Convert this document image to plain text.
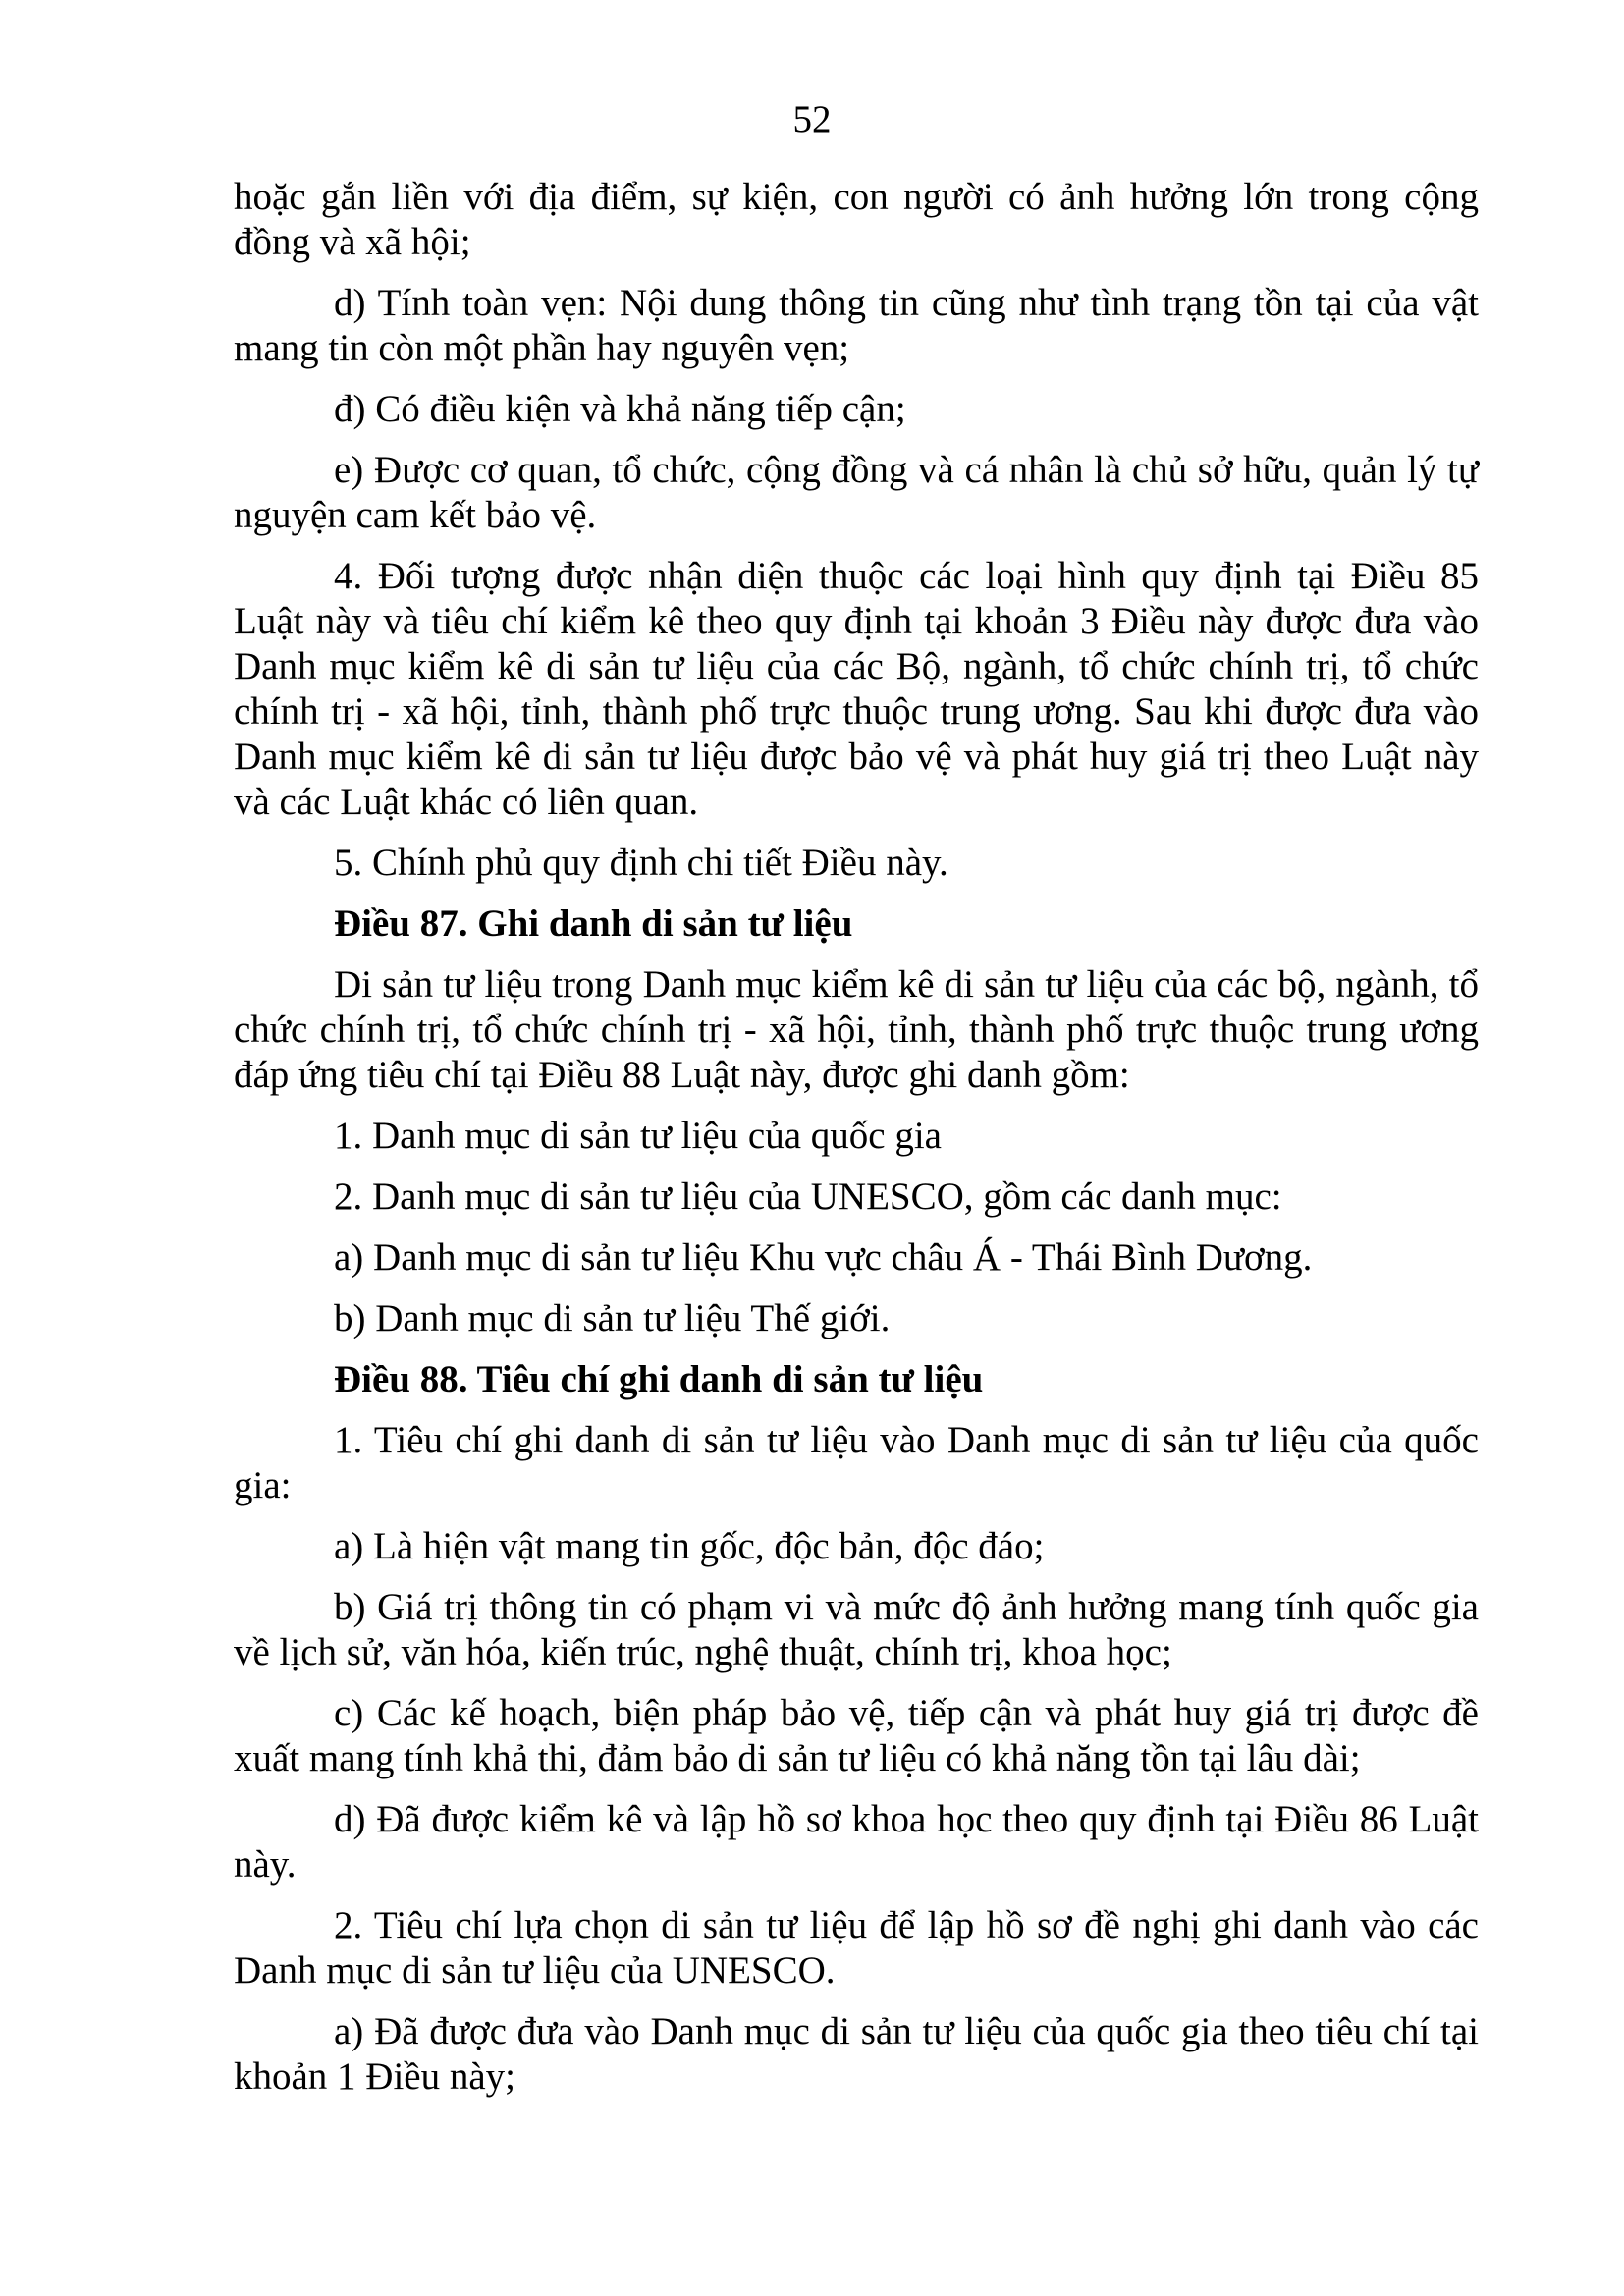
52

hoặc gắn liền với địa điểm, sự kiện, con người có ảnh hưởng lớn trong cộng đồng và xã hội;

d) Tính toàn vẹn: Nội dung thông tin cũng như tình trạng tồn tại của vật mang tin còn một phần hay nguyên vẹn;

đ) Có điều kiện và khả năng tiếp cận;

e) Được cơ quan, tổ chức, cộng đồng và cá nhân là chủ sở hữu, quản lý tự nguyện cam kết bảo vệ.

4. Đối tượng được nhận diện thuộc các loại hình quy định tại Điều 85 Luật này và tiêu chí kiểm kê theo quy định tại khoản 3 Điều này được đưa vào Danh mục kiểm kê di sản tư liệu của các Bộ, ngành, tổ chức chính trị, tổ chức chính trị - xã hội, tỉnh, thành phố trực thuộc trung ương. Sau khi được đưa vào Danh mục kiểm kê di sản tư liệu được bảo vệ và phát huy giá trị theo Luật này và các Luật khác có liên quan.

5. Chính phủ quy định chi tiết Điều này.

Điều 87. Ghi danh di sản tư liệu

Di sản tư liệu trong Danh mục kiểm kê di sản tư liệu của các bộ, ngành, tổ chức chính trị, tổ chức chính trị - xã hội, tỉnh, thành phố trực thuộc trung ương đáp ứng tiêu chí tại Điều 88 Luật này, được ghi danh gồm:

1. Danh mục di sản tư liệu của quốc gia

2. Danh mục di sản tư liệu của UNESCO, gồm các danh mục:

a) Danh mục di sản tư liệu Khu vực châu Á - Thái Bình Dương.

b) Danh mục di sản tư liệu Thế giới.

Điều 88. Tiêu chí ghi danh di sản tư liệu

1. Tiêu chí ghi danh di sản tư liệu vào Danh mục di sản tư liệu của quốc gia:

a) Là hiện vật mang tin gốc, độc bản, độc đáo;

b) Giá trị thông tin có phạm vi và mức độ ảnh hưởng mang tính quốc gia về lịch sử, văn hóa, kiến trúc, nghệ thuật, chính trị, khoa học;

c) Các kế hoạch, biện pháp bảo vệ, tiếp cận và phát huy giá trị được đề xuất mang tính khả thi, đảm bảo di sản tư liệu có khả năng tồn tại lâu dài;

d) Đã được kiểm kê và lập hồ sơ khoa học theo quy định tại Điều 86 Luật này.

2. Tiêu chí lựa chọn di sản tư liệu để lập hồ sơ đề nghị ghi danh vào các Danh mục di sản tư liệu của UNESCO.

a) Đã được đưa vào Danh mục di sản tư liệu của quốc gia theo tiêu chí tại khoản 1 Điều này;
